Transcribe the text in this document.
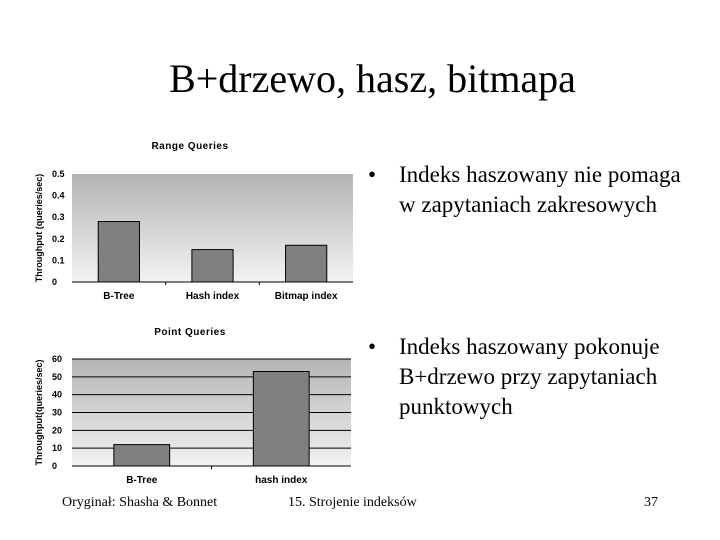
B+drzewo, hasz, bitmapa
Range Queries
Throughput (queries/sec) 0
0.1
0.2
0.3
0.4
0.5
B-Tree	Hash index	Bitmap index
Point Queries
Throughput(queries/sec)
0
10
20
30
40
50
60
B-Tree	hash index
• Indeks haszowany nie pomaga w zapytaniach zakresowych
• Indeks haszowany pokonuje B+drzewo przy zapytaniach punktowych
Oryginał: Shasha & Bonnet	15. Strojenie indeksów	37
